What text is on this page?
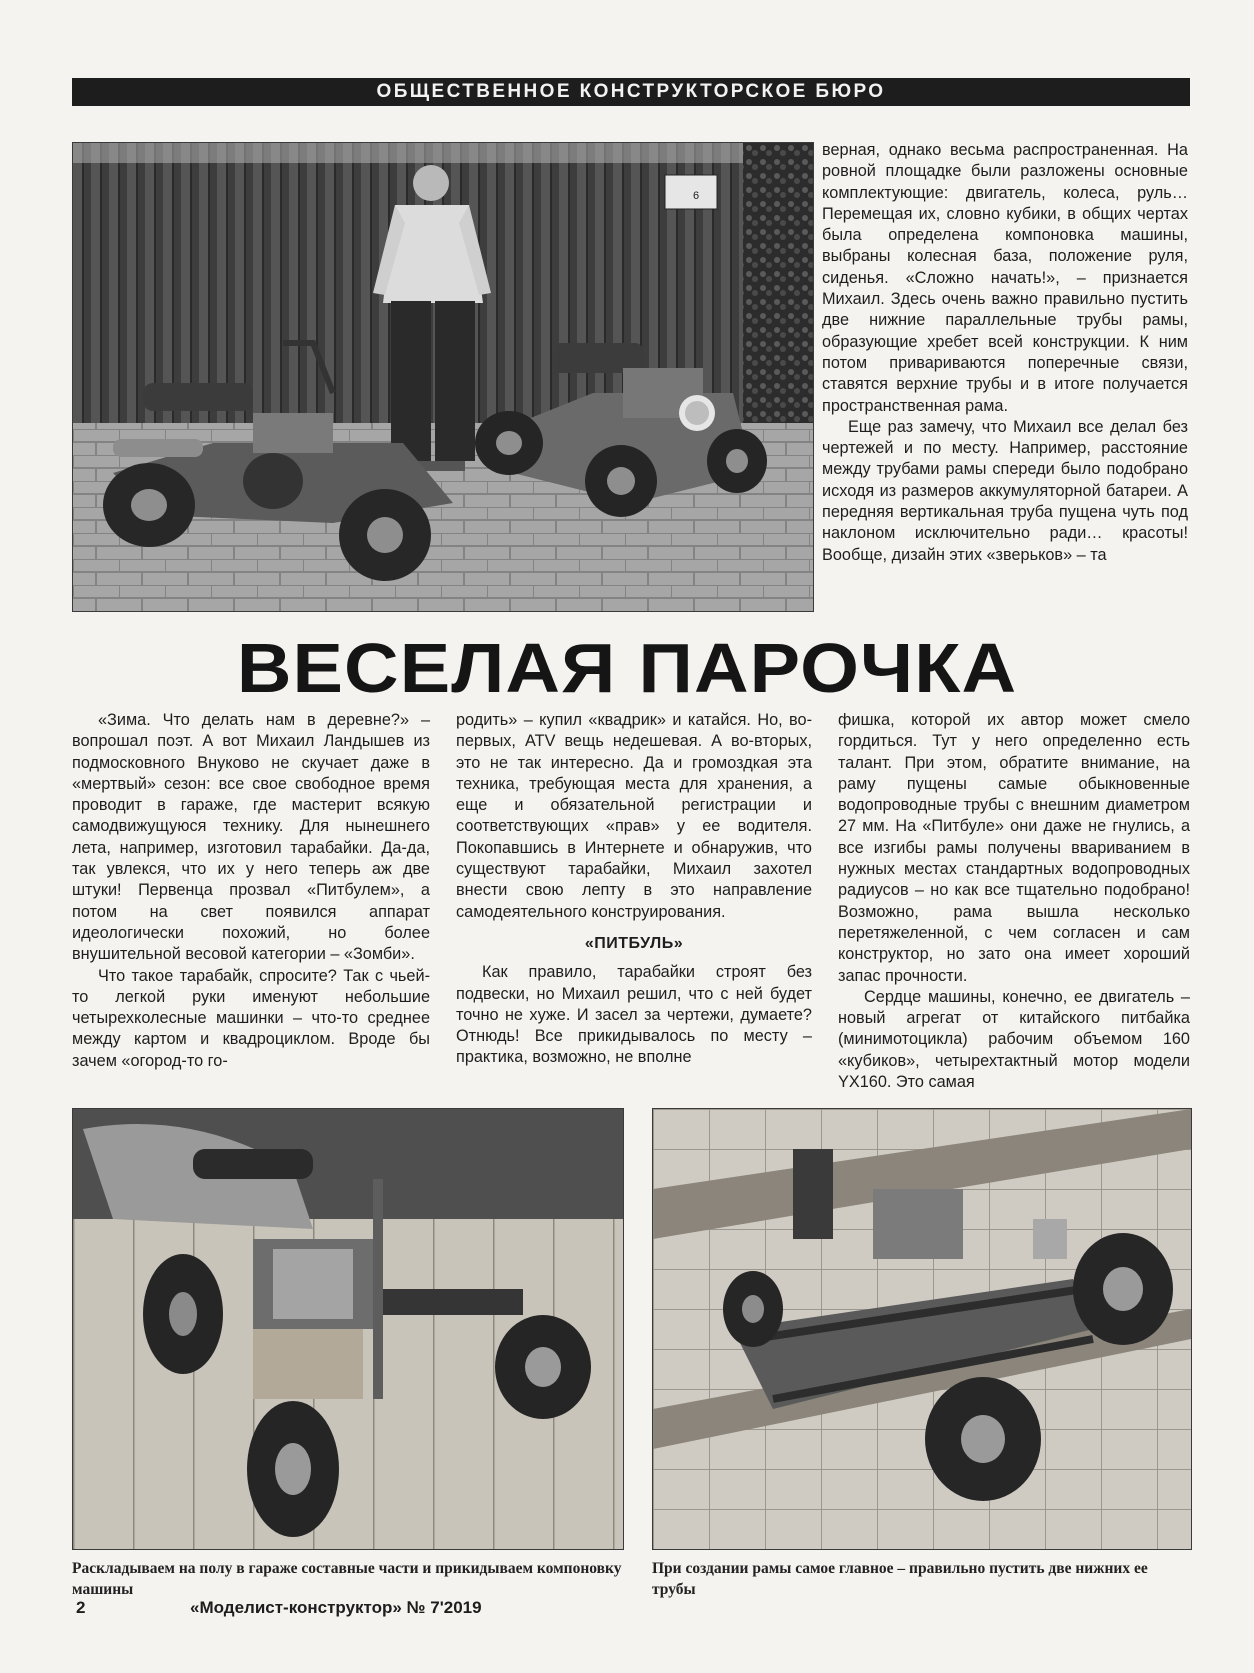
ОБЩЕСТВЕННОЕ КОНСТРУКТОРСКОЕ БЮРО
6

верная, однако весьма распространенная. На ровной площадке были разложены основные комплектующие: двигатель, колеса, руль… Перемещая их, словно кубики, в общих чертах была определена компоновка машины, выбраны колесная база, положение руля, сиденья. «Сложно начать!», – признается Михаил. Здесь очень важно правильно пустить две нижние параллельные трубы рамы, образующие хребет всей конструкции. К ним потом привариваются поперечные связи, ставятся верхние трубы и в итоге получается пространственная рама.

Еще раз замечу, что Михаил все делал без чертежей и по месту. Например, расстояние между трубами рамы спереди было подобрано исходя из размеров аккумуляторной батареи. А передняя вертикальная труба пущена чуть под наклоном исключительно ради… красоты! Вообще, дизайн этих «зверьков» – та

ВЕСЕЛАЯ ПАРОЧКА

«Зима. Что делать нам в деревне?» – вопрошал поэт. А вот Михаил Ландышев из подмосковного Внуково не скучает даже в «мертвый» сезон: все свое свободное время проводит в гараже, где мастерит всякую самодвижущуюся технику. Для нынешнего лета, например, изготовил тарабайки. Да-да, так увлекся, что их у него теперь аж две штуки! Первенца прозвал «Питбулем», а потом на свет появился аппарат идеологически похожий, но более внушительной весовой категории – «Зомби».

Что такое тарабайк, спросите? Так с чьей-то легкой руки именуют небольшие четырехколесные машинки – что-то среднее между картом и квадроциклом. Вроде бы зачем «огород-то го-

родить» – купил «квадрик» и катайся. Но, во-первых, ATV вещь недешевая. А во-вторых, это не так интересно. Да и громоздкая эта техника, требующая места для хранения, а еще и обязательной регистрации и соответствующих «прав» у ее водителя. Покопавшись в Интернете и обнаружив, что существуют тарабайки, Михаил захотел внести свою лепту в это направление самодеятельного конструирования.

«ПИТБУЛЬ»

Как правило, тарабайки строят без подвески, но Михаил решил, что с ней будет точно не хуже. И засел за чертежи, думаете? Отнюдь! Все прикидывалось по месту – практика, возможно, не вполне

фишка, которой их автор может смело гордиться. Тут у него определенно есть талант. При этом, обратите внимание, на раму пущены самые обыкновенные водопроводные трубы с внешним диаметром 27 мм. На «Питбуле» они даже не гнулись, а все изгибы рамы получены ввариванием в нужных местах стандартных водопроводных радиусов – но как все тщательно подобрано! Возможно, рама вышла несколько перетяжеленной, с чем согласен и сам конструктор, но зато она имеет хороший запас прочности.

Сердце машины, конечно, ее двигатель – новый агрегат от китайского питбайка (минимотоцикла) рабочим объемом 160 «кубиков», четырехтактный мотор модели YX160. Это самая

Раскладываем на полу в гараже составные части и прикидываем компоновку машины
При создании рамы самое главное – правильно пустить две нижних ее трубы
2	«Моделист-конструктор» № 7'2019
